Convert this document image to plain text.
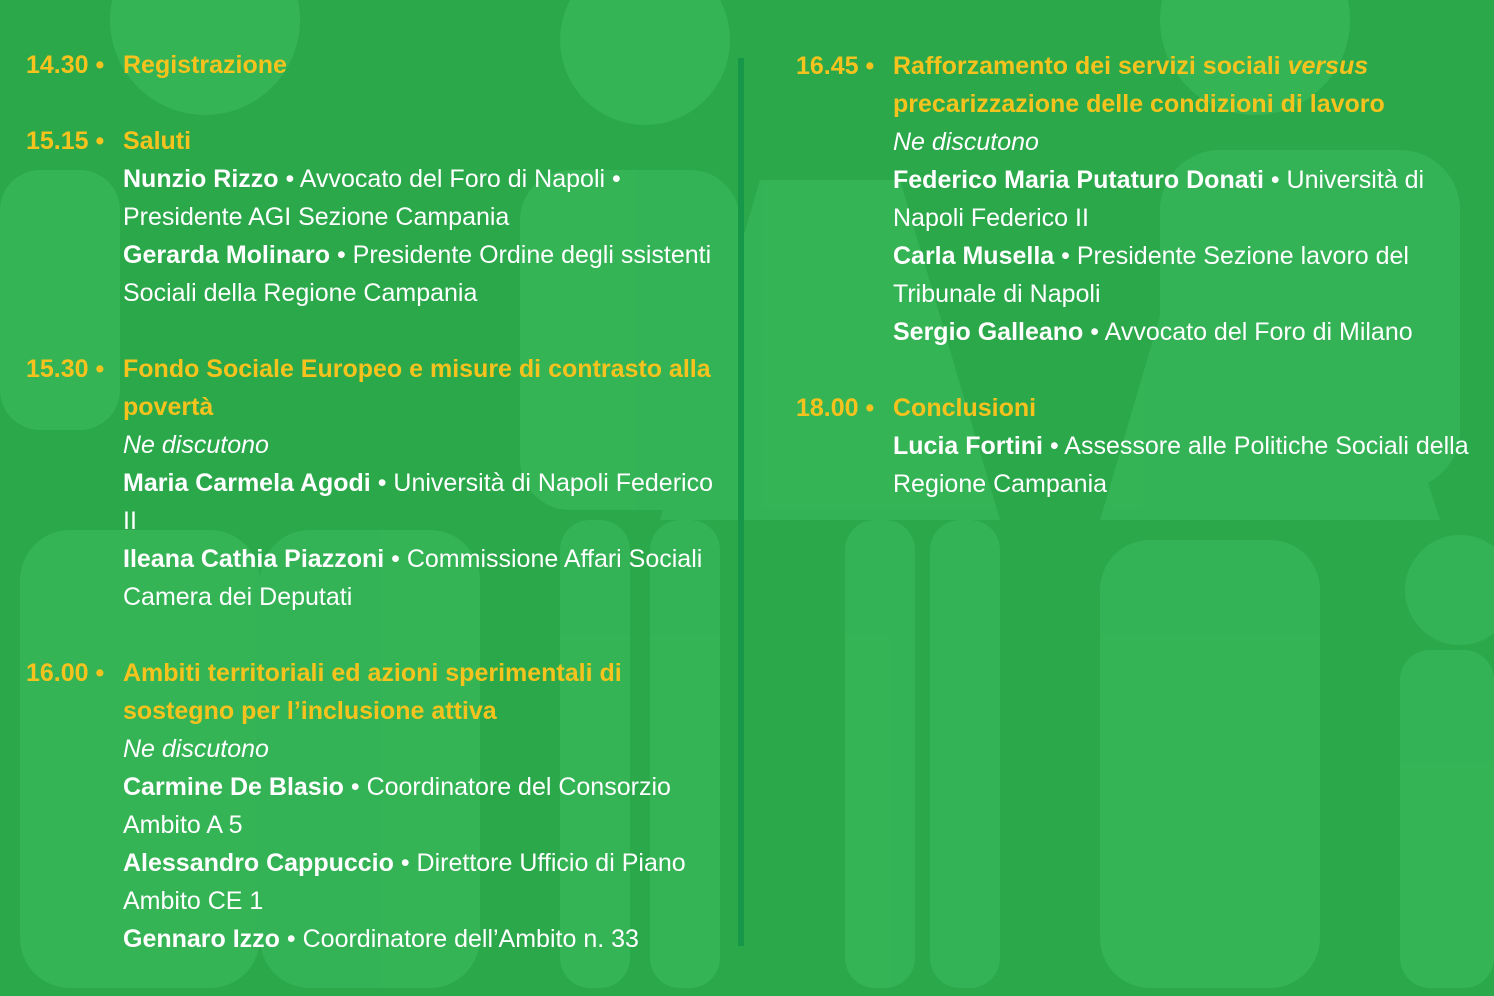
14.30 • Registrazione
15.15 • Saluti
Nunzio Rizzo • Avvocato del Foro di Napoli • Presidente AGI Sezione Campania
Gerarda Molinaro • Presidente Ordine degli ssistenti Sociali della Regione Campania
15.30 • Fondo Sociale Europeo e misure di contrasto alla povertà
Ne discutono
Maria Carmela Agodi • Università di Napoli Federico II
Ileana Cathia Piazzoni • Commissione Affari Sociali Camera dei Deputati
16.00 • Ambiti territoriali ed azioni sperimentali di sostegno per l’inclusione attiva
Ne discutono
Carmine De Blasio • Coordinatore del Consorzio Ambito A 5
Alessandro Cappuccio • Direttore Ufficio di Piano Ambito CE 1
Gennaro Izzo • Coordinatore dell’Ambito n. 33
16.45 • Rafforzamento dei servizi sociali versus precarizzazione delle condizioni di lavoro
Ne discutono
Federico Maria Putaturo Donati • Università di Napoli Federico II
Carla Musella • Presidente Sezione lavoro del Tribunale di Napoli
Sergio Galleano • Avvocato del Foro di Milano
18.00 • Conclusioni
Lucia Fortini • Assessore alle Politiche Sociali della Regione Campania
